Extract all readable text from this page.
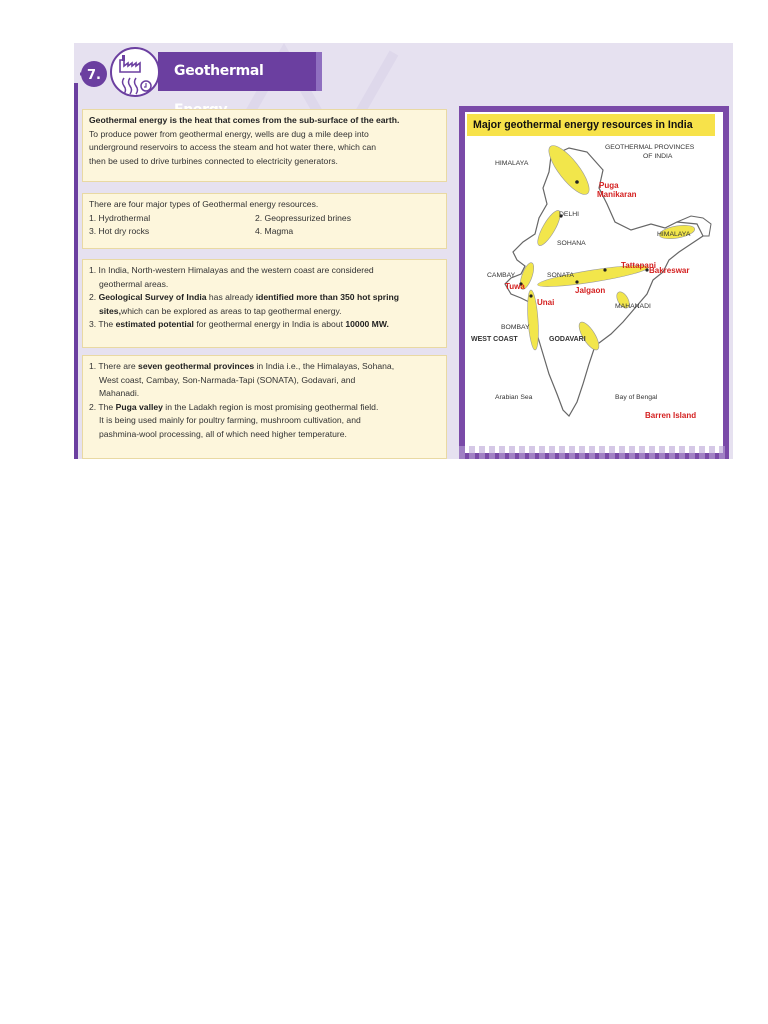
7.	Geothermal
Geothermal energy is the heat that comes from the sub-surface of the earth.
To produce power from geothermal energy, wells are dug a mile deep into
underground reservoirs to access the steam and hot water there, which can
then be used to drive turbines connected to electricity generators.
There are four major types of Geothermal energy resources.
1. Hydrothermal	2. Geopressurized brines
3. Hot dry rocks	4. Magma
1. In India, North-western Himalayas and the western coast are considered
geothermal areas.
2. Geological Survey of India has already identified more than 350 hot spring
sites,which can be explored as areas to tap geothermal energy.
3. The estimated potential for geothermal energy in India is about 10000 MW.
1. There are seven geothermal provinces in India i.e., the Himalayas, Sohana,
West coast, Cambay, Son-Narmada-Tapi (SONATA), Godavari, and
Mahanadi.
2. The Puga valley in the Ladakh region is most promising geothermal field.
It is being used mainly for poultry farming, mushroom cultivation, and
pashmina-wool processing, all of which need higher temperature.
GEOTHERMAL PROVINCES
OF INDIA
HIMALAYA
DELHI
SOHANA
HIMALAYA
CAMBAY	SONATA
MAHANADI
BOMBAY
WEST COAST	GODAVARI
Arabian Sea	Bay of Bengal
Puga
Manikaran
Tattapani
Bakreswar
Tuwa	Jalgaon
Unai
Barren Island
Major geothermal energy resources in India
